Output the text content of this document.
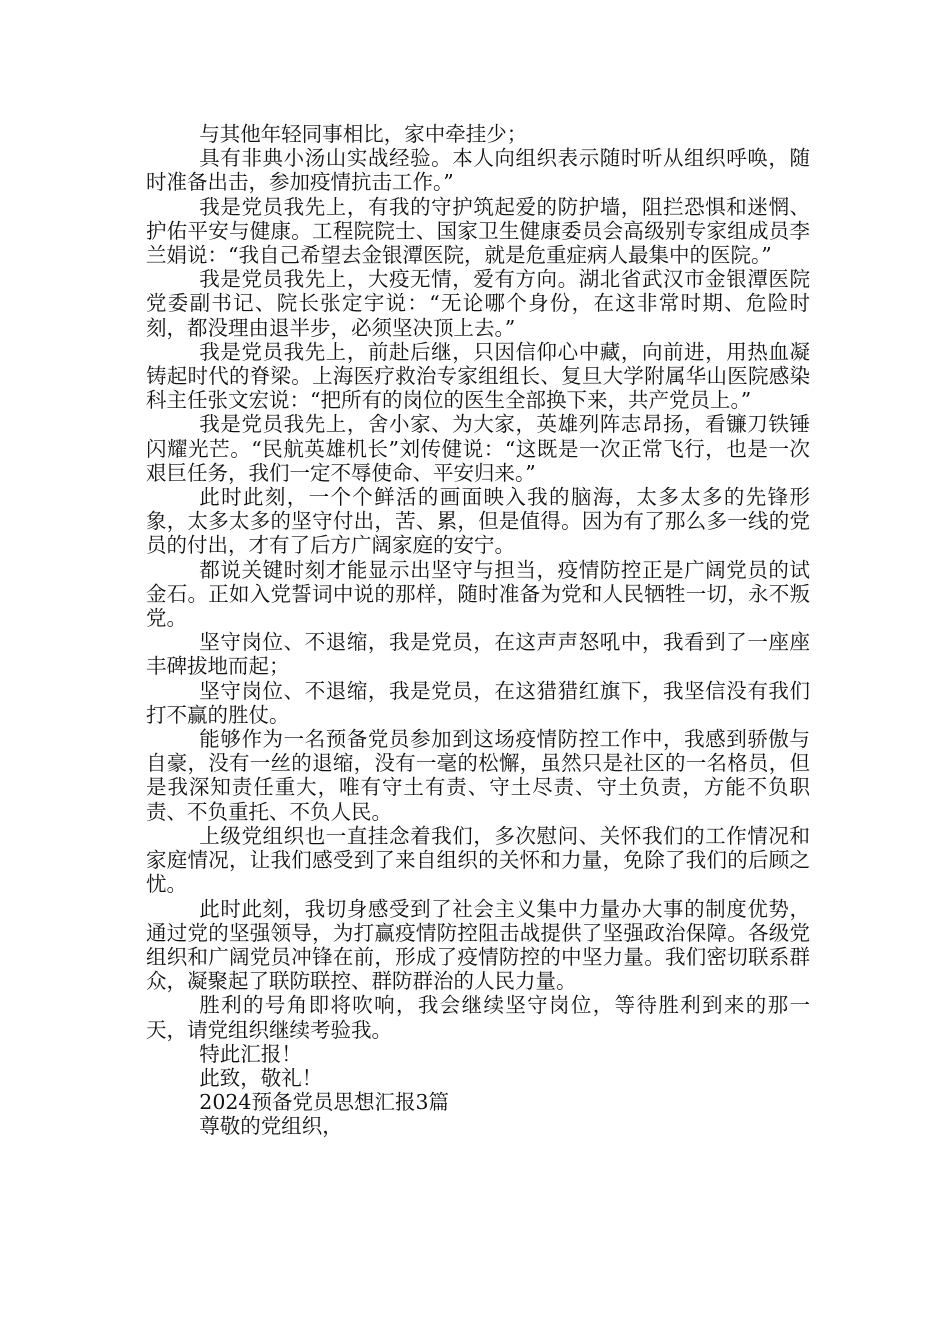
与其他年轻同事相比，家中牵挂少；

具有非典小汤山实战经验。本人向组织表示随时听从组织呼唤，随时准备出击，参加疫情抗击工作。”

我是党员我先上，有我的守护筑起爱的防护墙，阻拦恐惧和迷惘、护佑平安与健康。工程院院士、国家卫生健康委员会高级别专家组成员李兰娟说：“我自己希望去金银潭医院，就是危重症病人最集中的医院。”

我是党员我先上，大疫无情，爱有方向。湖北省武汉市金银潭医院党委副书记、院长张定宇说：“无论哪个身份，在这非常时期、危险时刻，都没理由退半步，必须坚决顶上去。”

我是党员我先上，前赴后继，只因信仰心中藏，向前进，用热血凝铸起时代的脊梁。上海医疗救治专家组组长、复旦大学附属华山医院感染科主任张文宏说：“把所有的岗位的医生全部换下来，共产党员上。”

我是党员我先上，舍小家、为大家，英雄列阵志昂扬，看镰刀铁锤闪耀光芒。“民航英雄机长”刘传健说：“这既是一次正常飞行，也是一次艰巨任务，我们一定不辱使命、平安归来。”

此时此刻，一个个鲜活的画面映入我的脑海，太多太多的先锋形象，太多太多的坚守付出，苦、累，但是值得。因为有了那么多一线的党员的付出，才有了后方广阔家庭的安宁。

都说关键时刻才能显示出坚守与担当，疫情防控正是广阔党员的试金石。正如入党誓词中说的那样，随时准备为党和人民牺牲一切，永不叛党。

坚守岗位、不退缩，我是党员，在这声声怒吼中，我看到了一座座丰碑拔地而起；

坚守岗位、不退缩，我是党员，在这猎猎红旗下，我坚信没有我们打不赢的胜仗。

能够作为一名预备党员参加到这场疫情防控工作中，我感到骄傲与自豪，没有一丝的退缩，没有一毫的松懈，虽然只是社区的一名格员，但是我深知责任重大，唯有守土有责、守土尽责、守土负责，方能不负职责、不负重托、不负人民。

上级党组织也一直挂念着我们，多次慰问、关怀我们的工作情况和家庭情况，让我们感受到了来自组织的关怀和力量，免除了我们的后顾之忧。

此时此刻，我切身感受到了社会主义集中力量办大事的制度优势，通过党的坚强领导，为打赢疫情防控阻击战提供了坚强政治保障。各级党组织和广阔党员冲锋在前，形成了疫情防控的中坚力量。我们密切联系群众，凝聚起了联防联控、群防群治的人民力量。

胜利的号角即将吹响，我会继续坚守岗位，等待胜利到来的那一天，请党组织继续考验我。

特此汇报！

此致，敬礼！

2024预备党员思想汇报3篇

尊敬的党组织，
